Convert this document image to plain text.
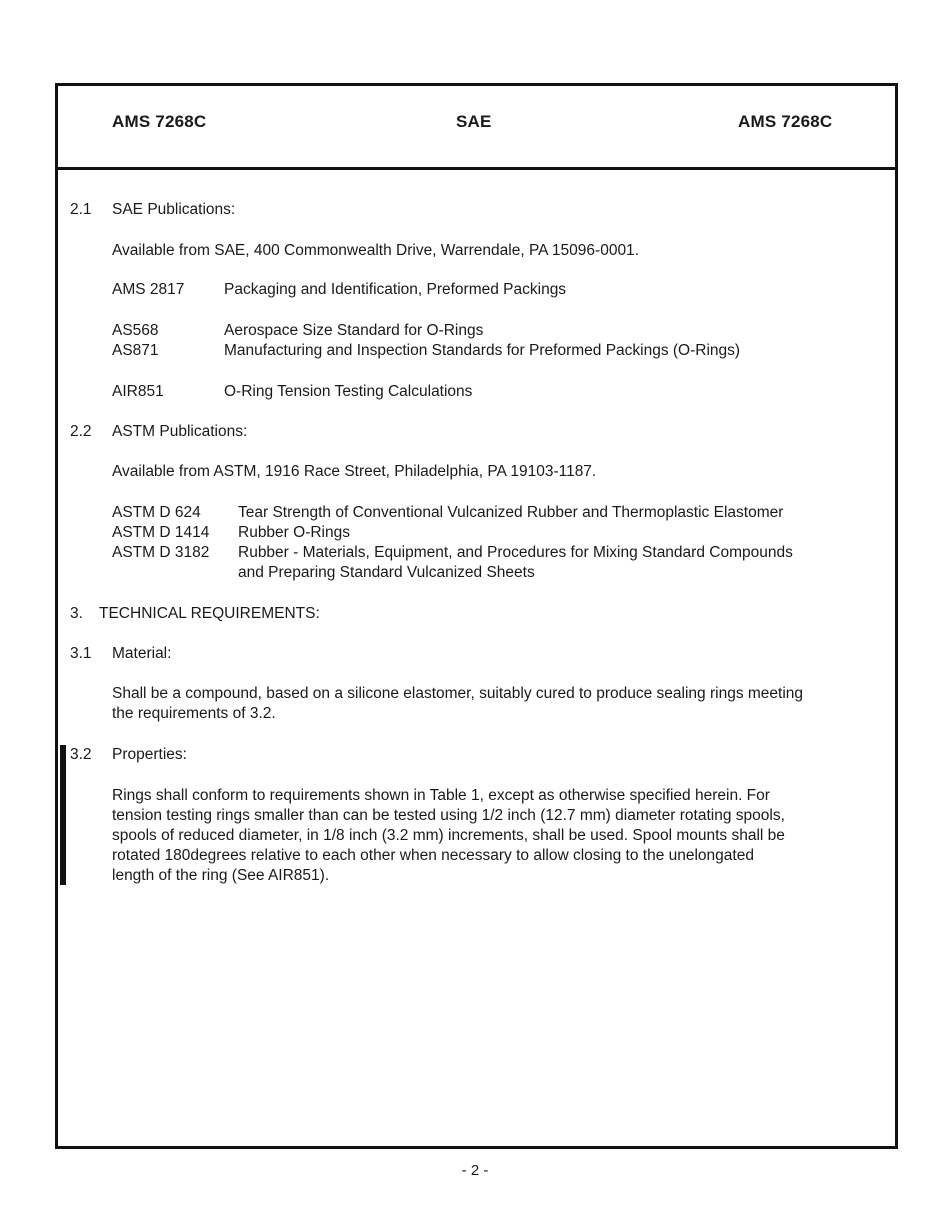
AMS 7268C	SAE	AMS 7268C
2.1 SAE Publications:
Available from SAE, 400 Commonwealth Drive, Warrendale, PA 15096-0001.
AMS 2817	Packaging and Identification, Preformed Packings
AS568	Aerospace Size Standard for O-Rings
AS871	Manufacturing and Inspection Standards for Preformed Packings (O-Rings)
AIR851	O-Ring Tension Testing Calculations
2.2 ASTM Publications:
Available from ASTM, 1916 Race Street, Philadelphia, PA 19103-1187.
ASTM D 624 Tear Strength of Conventional Vulcanized Rubber and Thermoplastic Elastomer
ASTM D 1414 Rubber O-Rings
ASTM D 3182 Rubber - Materials, Equipment, and Procedures for Mixing Standard Compounds
and Preparing Standard Vulcanized Sheets
3. TECHNICAL REQUIREMENTS:
3.1 Material:
Shall be a compound, based on a silicone elastomer, suitably cured to produce sealing rings meeting
the requirements of 3.2.
3.2 Properties:
Rings shall conform to requirements shown in Table 1, except as otherwise specified herein. For
tension testing rings smaller than can be tested using 1/2 inch (12.7 mm) diameter rotating spools,
spools of reduced diameter, in 1/8 inch (3.2 mm) increments, shall be used. Spool mounts shall be
rotated 180degrees relative to each other when necessary to allow closing to the unelongated
length of the ring (See AIR851).
- 2 -
